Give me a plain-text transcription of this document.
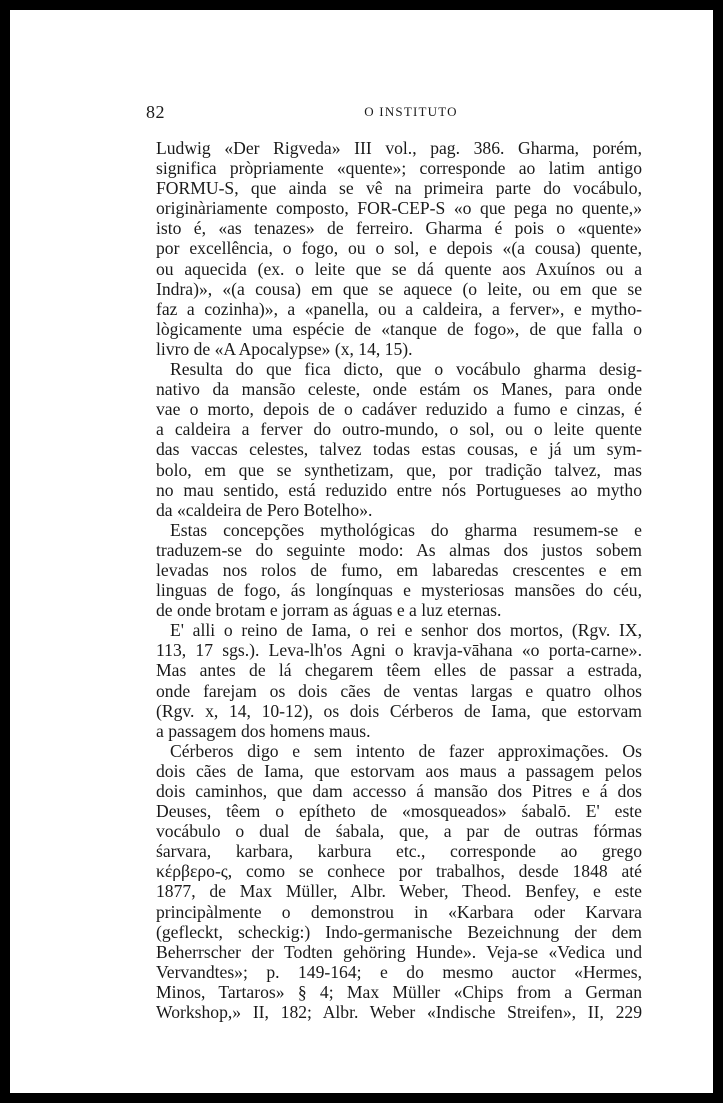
82	O INSTITUTO
Ludwig «Der Rigveda» III vol., pag. 386. Gharma, porém,
significa pròpriamente «quente»; corresponde ao latim antigo
FORMU-S, que ainda se vê na primeira parte do vocábulo,
originàriamente composto, FOR-CEP-S «o que pega no quente,»
isto é, «as tenazes» de ferreiro. Gharma é pois o «quente»
por excellência, o fogo, ou o sol, e depois «(a cousa) quente,
ou aquecida (ex. o leite que se dá quente aos Axuínos ou a
Indra)», «(a cousa) em que se aquece (o leite, ou em que se
faz a cozinha)», a «panella, ou a caldeira, a ferver», e mytho-
lògicamente uma espécie de «tanque de fogo», de que falla o
livro de «A Apocalypse» (x, 14, 15).
Resulta do que fica dicto, que o vocábulo gharma desig-
nativo da mansão celeste, onde estám os Manes, para onde
vae o morto, depois de o cadáver reduzido a fumo e cinzas, é
a caldeira a ferver do outro-mundo, o sol, ou o leite quente
das vaccas celestes, talvez todas estas cousas, e já um sym-
bolo, em que se synthetizam, que, por tradição talvez, mas
no mau sentido, está reduzido entre nós Portugueses ao mytho
da «caldeira de Pero Botelho».
Estas concepções mythológicas do gharma resumem-se e
traduzem-se do seguinte modo: As almas dos justos sobem
levadas nos rolos de fumo, em labaredas crescentes e em
linguas de fogo, ás longínquas e mysteriosas mansões do céu,
de onde brotam e jorram as águas e a luz eternas.
E' alli o reino de Iama, o rei e senhor dos mortos, (Rgv. IX,
113, 17 sgs.). Leva-lh'os Agni o kravja-vāhana «o porta-carne».
Mas antes de lá chegarem têem elles de passar a estrada,
onde farejam os dois cães de ventas largas e quatro olhos
(Rgv. x, 14, 10-12), os dois Cérberos de Iama, que estorvam
a passagem dos homens maus.
Cérberos digo e sem intento de fazer approximações. Os
dois cães de Iama, que estorvam aos maus a passagem pelos
dois caminhos, que dam accesso á mansão dos Pitres e á dos
Deuses, têem o epítheto de «mosqueados» śabalō. E' este
vocábulo o dual de śabala, que, a par de outras fórmas
śarvara, karbara, karbura etc., corresponde ao grego
κέρβερο-ς, como se conhece por trabalhos, desde 1848 até
1877, de Max Müller, Albr. Weber, Theod. Benfey, e este
principàlmente o demonstrou in «Karbara oder Karvara
(gefleckt, scheckig:) Indo-germanische Bezeichnung der dem
Beherrscher der Todten gehöring Hunde». Veja-se «Vedica und
Vervandtes»; p. 149-164; e do mesmo auctor «Hermes,
Minos, Tartaros» § 4; Max Müller «Chips from a German
Workshop,» II, 182; Albr. Weber «Indische Streifen», II, 229
